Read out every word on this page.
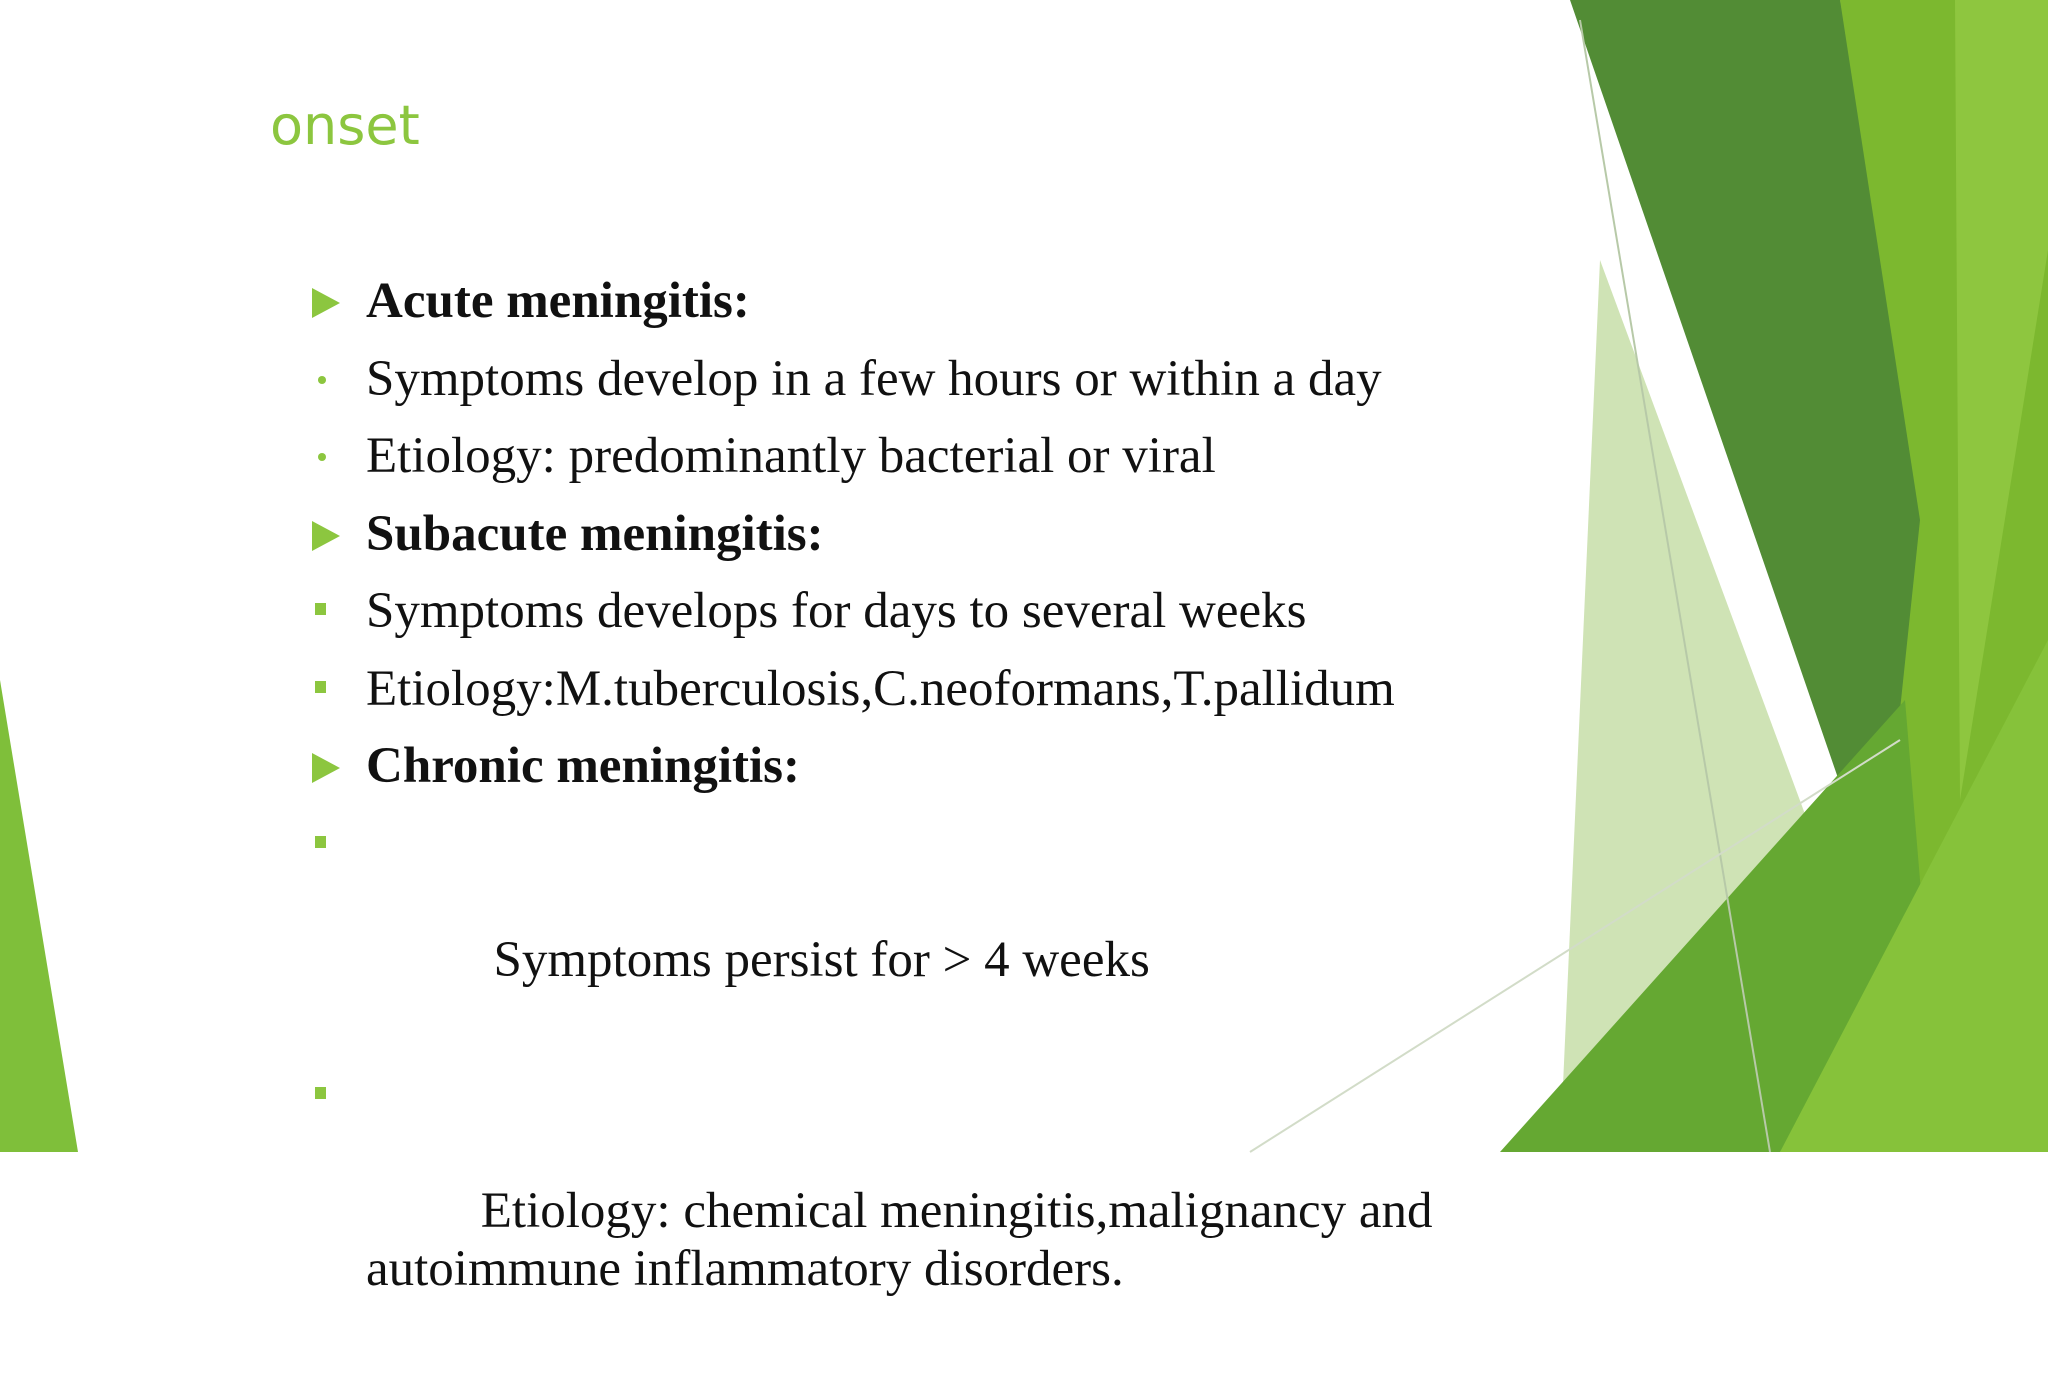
onset
Acute meningitis:
Symptoms develop in a few hours or within a day
Etiology: predominantly bacterial or viral
Subacute meningitis:
Symptoms develops for days to several weeks
Etiology:M.tuberculosis,C.neoformans,T.pallidum
Chronic meningitis:

Symptoms persist for > 4 weeks

Etiology: chemical meningitis,malignancy and autoimmune inflammatory disorders.
